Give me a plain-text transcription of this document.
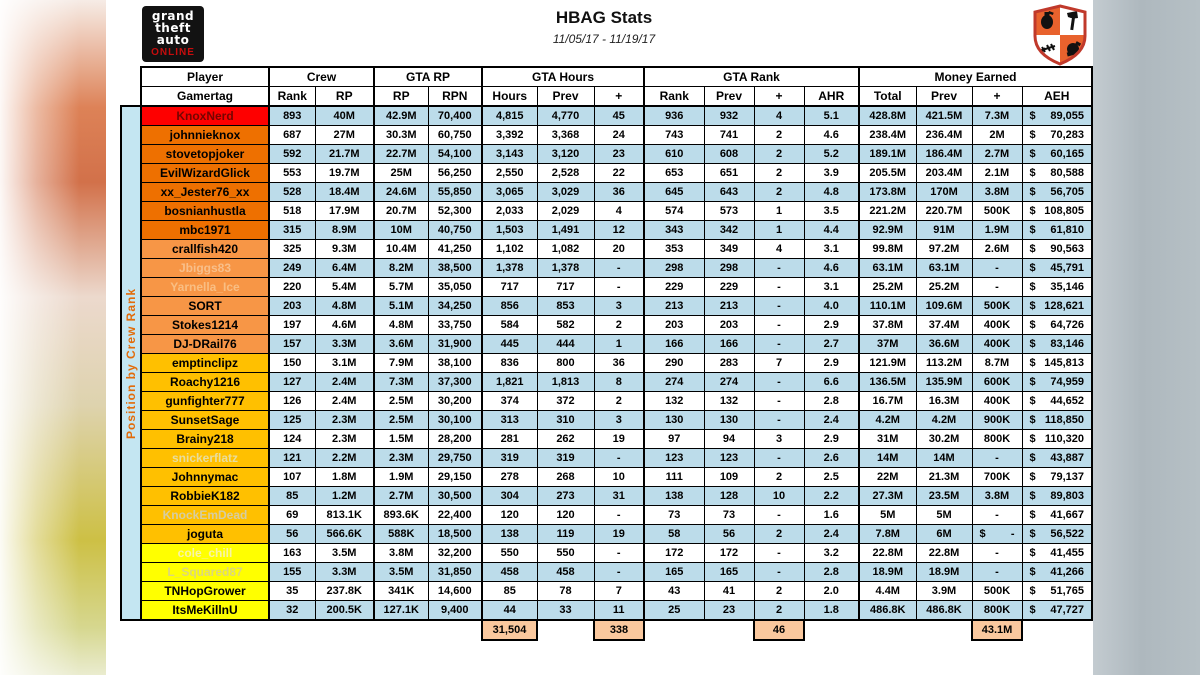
grand
theft
auto
ONLINE
HBAG Stats
11/05/17 - 11/19/17
	Player	Crew		GTA RP		GTA Hours			GTA Rank				Money Earned			
	Gamertag	Rank	RP	RP	RPN	Hours	Prev	+	Rank	Prev	+	AHR	Total	Prev	+	AEH

Position by Crew Rank	KnoxNerd	893	40M	42.9M	70,400	4,815	4,770	45	936	932	4	5.1	428.8M	421.5M	7.3M	$ 89,055

	johnnieknox	687	27M	30.3M	60,750	3,392	3,368	24	743	741	2	4.6	238.4M	236.4M	2M	$ 70,283

	stovetopjoker	592	21.7M	22.7M	54,100	3,143	3,120	23	610	608	2	5.2	189.1M	186.4M	2.7M	$ 60,165

	EvilWizardGlick	553	19.7M	25M	56,250	2,550	2,528	22	653	651	2	3.9	205.5M	203.4M	2.1M	$ 80,588

	xx_Jester76_xx	528	18.4M	24.6M	55,850	3,065	3,029	36	645	643	2	4.8	173.8M	170M	3.8M	$ 56,705

	bosnianhustla	518	17.9M	20.7M	52,300	2,033	2,029	4	574	573	1	3.5	221.2M	220.7M	500K	$ 108,805

	mbc1971	315	8.9M	10M	40,750	1,503	1,491	12	343	342	1	4.4	92.9M	91M	1.9M	$ 61,810

	crallfish420	325	9.3M	10.4M	41,250	1,102	1,082	20	353	349	4	3.1	99.8M	97.2M	2.6M	$ 90,563

	Jbiggs83	249	6.4M	8.2M	38,500	1,378	1,378	-	298	298	-	4.6	63.1M	63.1M	-	$ 45,791

	Yarnella_Ice	220	5.4M	5.7M	35,050	717	717	-	229	229	-	3.1	25.2M	25.2M	-	$ 35,146

	SORT	203	4.8M	5.1M	34,250	856	853	3	213	213	-	4.0	110.1M	109.6M	500K	$ 128,621

	Stokes1214	197	4.6M	4.8M	33,750	584	582	2	203	203	-	2.9	37.8M	37.4M	400K	$ 64,726

	DJ-DRail76	157	3.3M	3.6M	31,900	445	444	1	166	166	-	2.7	37M	36.6M	400K	$ 83,146

	emptinclipz	150	3.1M	7.9M	38,100	836	800	36	290	283	7	2.9	121.9M	113.2M	8.7M	$ 145,813

	Roachy1216	127	2.4M	7.3M	37,300	1,821	1,813	8	274	274	-	6.6	136.5M	135.9M	600K	$ 74,959

	gunfighter777	126	2.4M	2.5M	30,200	374	372	2	132	132	-	2.8	16.7M	16.3M	400K	$ 44,652

	SunsetSage	125	2.3M	2.5M	30,100	313	310	3	130	130	-	2.4	4.2M	4.2M	900K	$ 118,850

	Brainy218	124	2.3M	1.5M	28,200	281	262	19	97	94	3	2.9	31M	30.2M	800K	$ 110,320

	snickerflatz	121	2.2M	2.3M	29,750	319	319	-	123	123	-	2.6	14M	14M	-	$ 43,887

	Johnnymac	107	1.8M	1.9M	29,150	278	268	10	111	109	2	2.5	22M	21.3M	700K	$ 79,137

	RobbieK182	85	1.2M	2.7M	30,500	304	273	31	138	128	10	2.2	27.3M	23.5M	3.8M	$ 89,803

	KnockEmDead	69	813.1K	893.6K	22,400	120	120	-	73	73	-	1.6	5M	5M	-	$ 41,667

	joguta	56	566.6K	588K	18,500	138	119	19	58	56	2	2.4	7.8M	6M	$ -	$ 56,522

	cole_chill	163	3.5M	3.8M	32,200	550	550	-	172	172	-	3.2	22.8M	22.8M	-	$ 41,455

	L_Squared87	155	3.3M	3.5M	31,850	458	458	-	165	165	-	2.8	18.9M	18.9M	-	$ 41,266

	TNHopGrower	35	237.8K	341K	14,600	85	78	7	43	41	2	2.0	4.4M	3.9M	500K	$ 51,765

	ItsMeKillnU	32	200.5K	127.1K	9,400	44	33	11	25	23	2	1.8	486.8K	486.8K	800K	$ 47,727

						31,504		338			46				43.1M	
